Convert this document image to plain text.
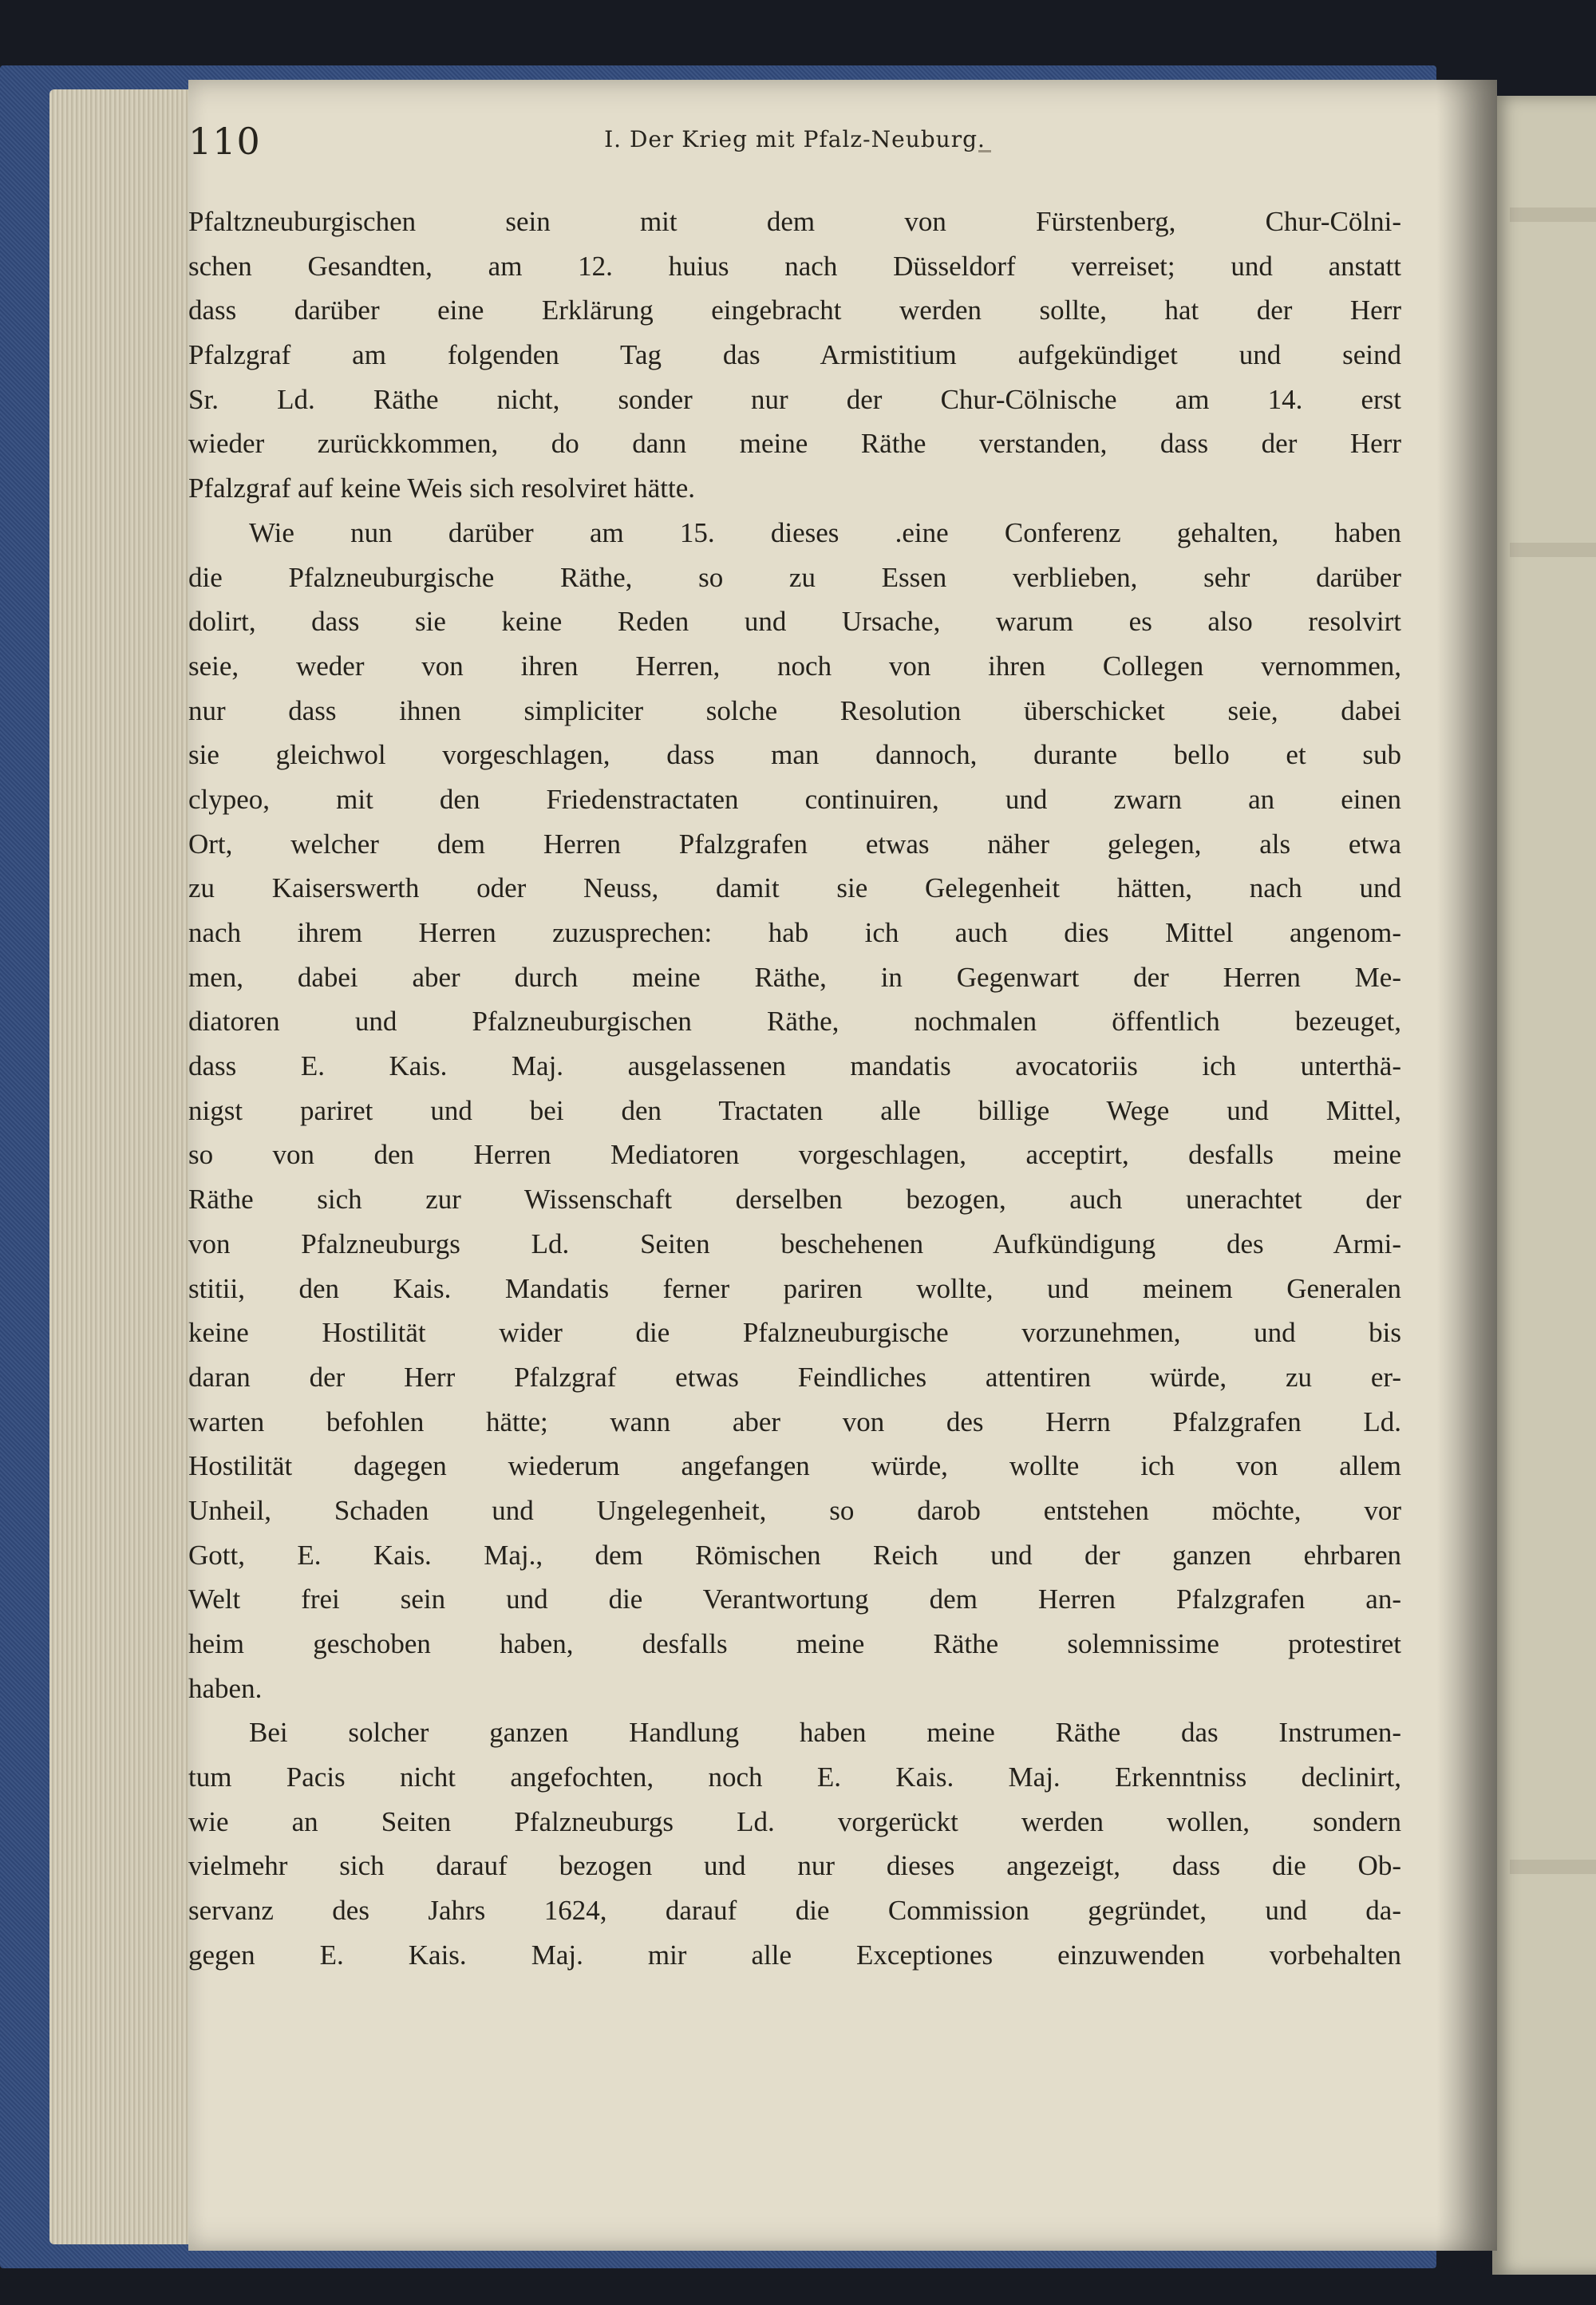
110	I. Der Krieg mit Pfalz-Neuburg.
Pfaltzneuburgischen sein mit dem von Fürstenberg, Chur-Cölni-
schen Gesandten, am 12. huius nach Düsseldorf verreiset; und anstatt
dass darüber eine Erklärung eingebracht werden sollte, hat der Herr
Pfalzgraf am folgenden Tag das Armistitium aufgekündiget und seind
Sr. Ld. Räthe nicht, sonder nur der Chur-Cölnische am 14. erst
wieder zurückkommen, do dann meine Räthe verstanden, dass der Herr
Pfalzgraf auf keine Weis sich resolviret hätte.
Wie nun darüber am 15. dieses .eine Conferenz gehalten, haben
die Pfalzneuburgische Räthe, so zu Essen verblieben, sehr darüber
dolirt, dass sie keine Reden und Ursache, warum es also resolvirt
seie, weder von ihren Herren, noch von ihren Collegen vernommen,
nur dass ihnen simpliciter solche Resolution überschicket seie, dabei
sie gleichwol vorgeschlagen, dass man dannoch, durante bello et sub
clypeo, mit den Friedenstractaten continuiren, und zwarn an einen
Ort, welcher dem Herren Pfalzgrafen etwas näher gelegen, als etwa
zu Kaiserswerth oder Neuss, damit sie Gelegenheit hätten, nach und
nach ihrem Herren zuzusprechen: hab ich auch dies Mittel angenom-
men, dabei aber durch meine Räthe, in Gegenwart der Herren Me-
diatoren und Pfalzneuburgischen Räthe, nochmalen öffentlich bezeuget,
dass E. Kais. Maj. ausgelassenen mandatis avocatoriis ich unterthä-
nigst pariret und bei den Tractaten alle billige Wege und Mittel,
so von den Herren Mediatoren vorgeschlagen, acceptirt, desfalls meine
Räthe sich zur Wissenschaft derselben bezogen, auch unerachtet der
von Pfalzneuburgs Ld. Seiten beschehenen Aufkündigung des Armi-
stitii, den Kais. Mandatis ferner pariren wollte, und meinem Generalen
keine Hostilität wider die Pfalzneuburgische vorzunehmen, und bis
daran der Herr Pfalzgraf etwas Feindliches attentiren würde, zu er-
warten befohlen hätte; wann aber von des Herrn Pfalzgrafen Ld.
Hostilität dagegen wiederum angefangen würde, wollte ich von allem
Unheil, Schaden und Ungelegenheit, so darob entstehen möchte, vor
Gott, E. Kais. Maj., dem Römischen Reich und der ganzen ehrbaren
Welt frei sein und die Verantwortung dem Herren Pfalzgrafen an-
heim geschoben haben, desfalls meine Räthe solemnissime protestiret
haben.
Bei solcher ganzen Handlung haben meine Räthe das Instrumen-
tum Pacis nicht angefochten, noch E. Kais. Maj. Erkenntniss declinirt,
wie an Seiten Pfalzneuburgs Ld. vorgerückt werden wollen, sondern
vielmehr sich darauf bezogen und nur dieses angezeigt, dass die Ob-
servanz des Jahrs 1624, darauf die Commission gegründet, und da-
gegen E. Kais. Maj. mir alle Exceptiones einzuwenden vorbehalten
